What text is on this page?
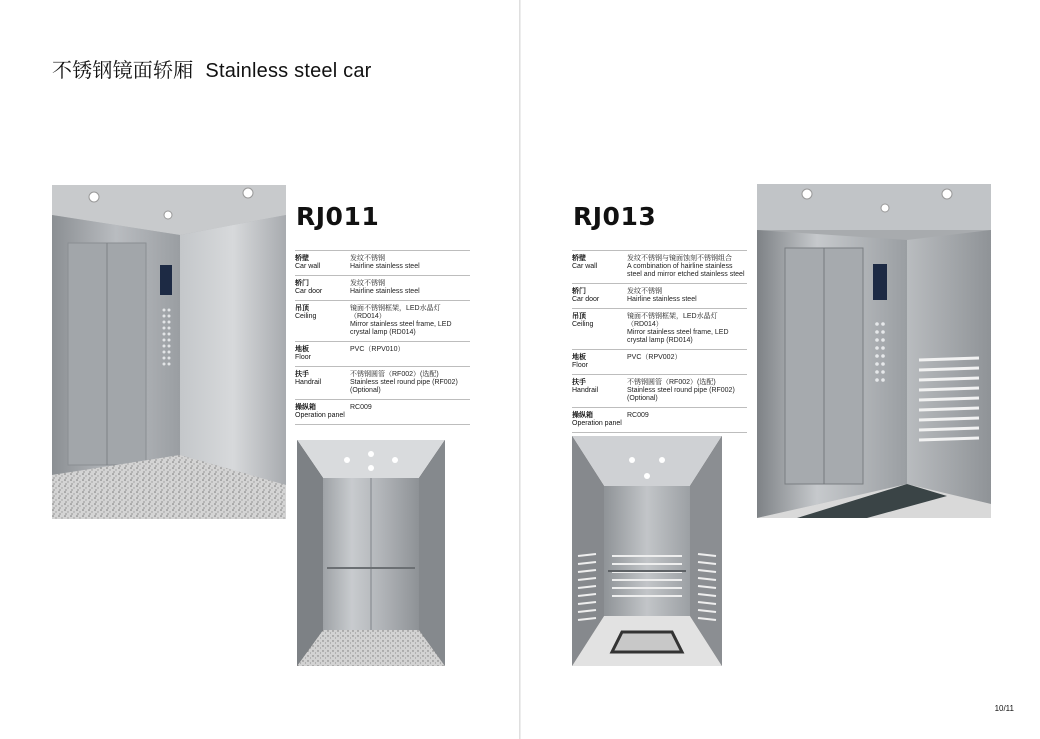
不锈钢镜面轿厢 Stainless steel car
RJ011
轿壁
Car wall
发纹不锈钢
Hairline stainless steel
轿门
Car door
发纹不锈钢
Hairline stainless steel
吊顶
Ceiling
镜面不锈钢框架，LED水晶灯（RD014）
Mirror stainless steel frame, LED crystal lamp (RD014)
地板
Floor
PVC（RPV010）
扶手
Handrail
不锈钢圆管（RF002）(选配)
Stainless steel round pipe (RF002) (Optional)
操纵箱
Operation panel
RC009
RJ013
轿壁
Car wall
发纹不锈钢与镜面蚀刻不锈钢组合
A combination of hairline stainless steel and mirror etched stainless steel
轿门
Car door
发纹不锈钢
Hairline stainless steel
吊顶
Ceiling
镜面不锈钢框架，LED水晶灯（RD014）
Mirror stainless steel frame, LED crystal lamp (RD014)
地板
Floor
PVC（RPV002）
扶手
Handrail
不锈钢圆管（RF002）(选配)
Stainless steel round pipe (RF002) (Optional)
操纵箱
Operation panel
RC009
10/11
